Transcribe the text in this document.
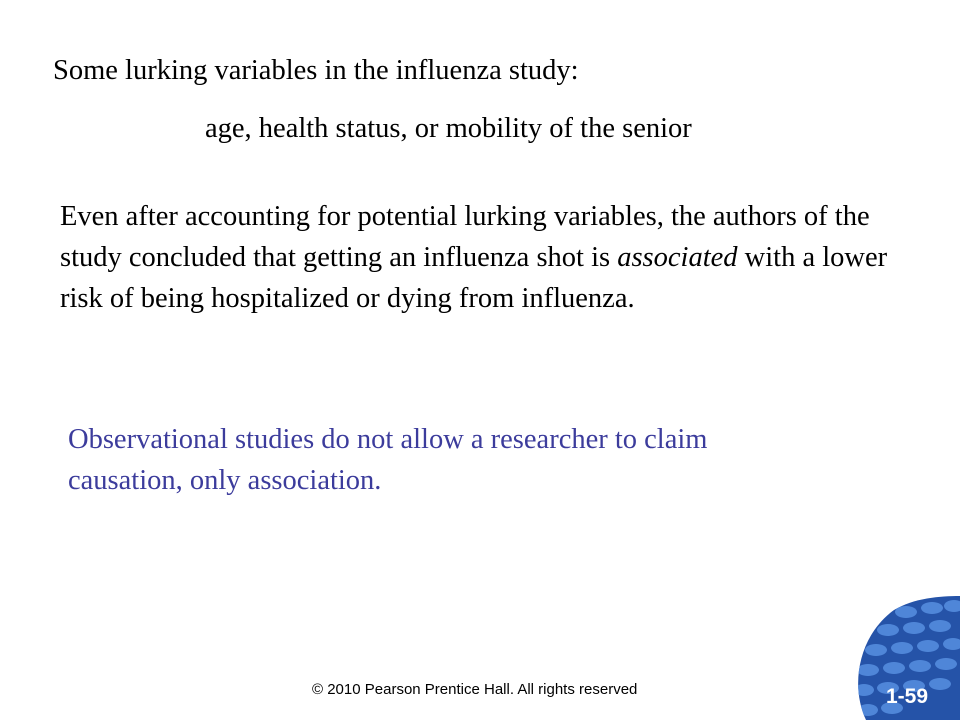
Some lurking variables in the influenza study:
age, health status, or mobility of the senior

Even after accounting for potential lurking variables, the authors of the study concluded that getting an influenza shot is associated with a lower risk of being hospitalized or dying from influenza.

Observational studies do not allow a researcher to claim causation, only association.

© 2010 Pearson Prentice Hall. All rights reserved	1-59
